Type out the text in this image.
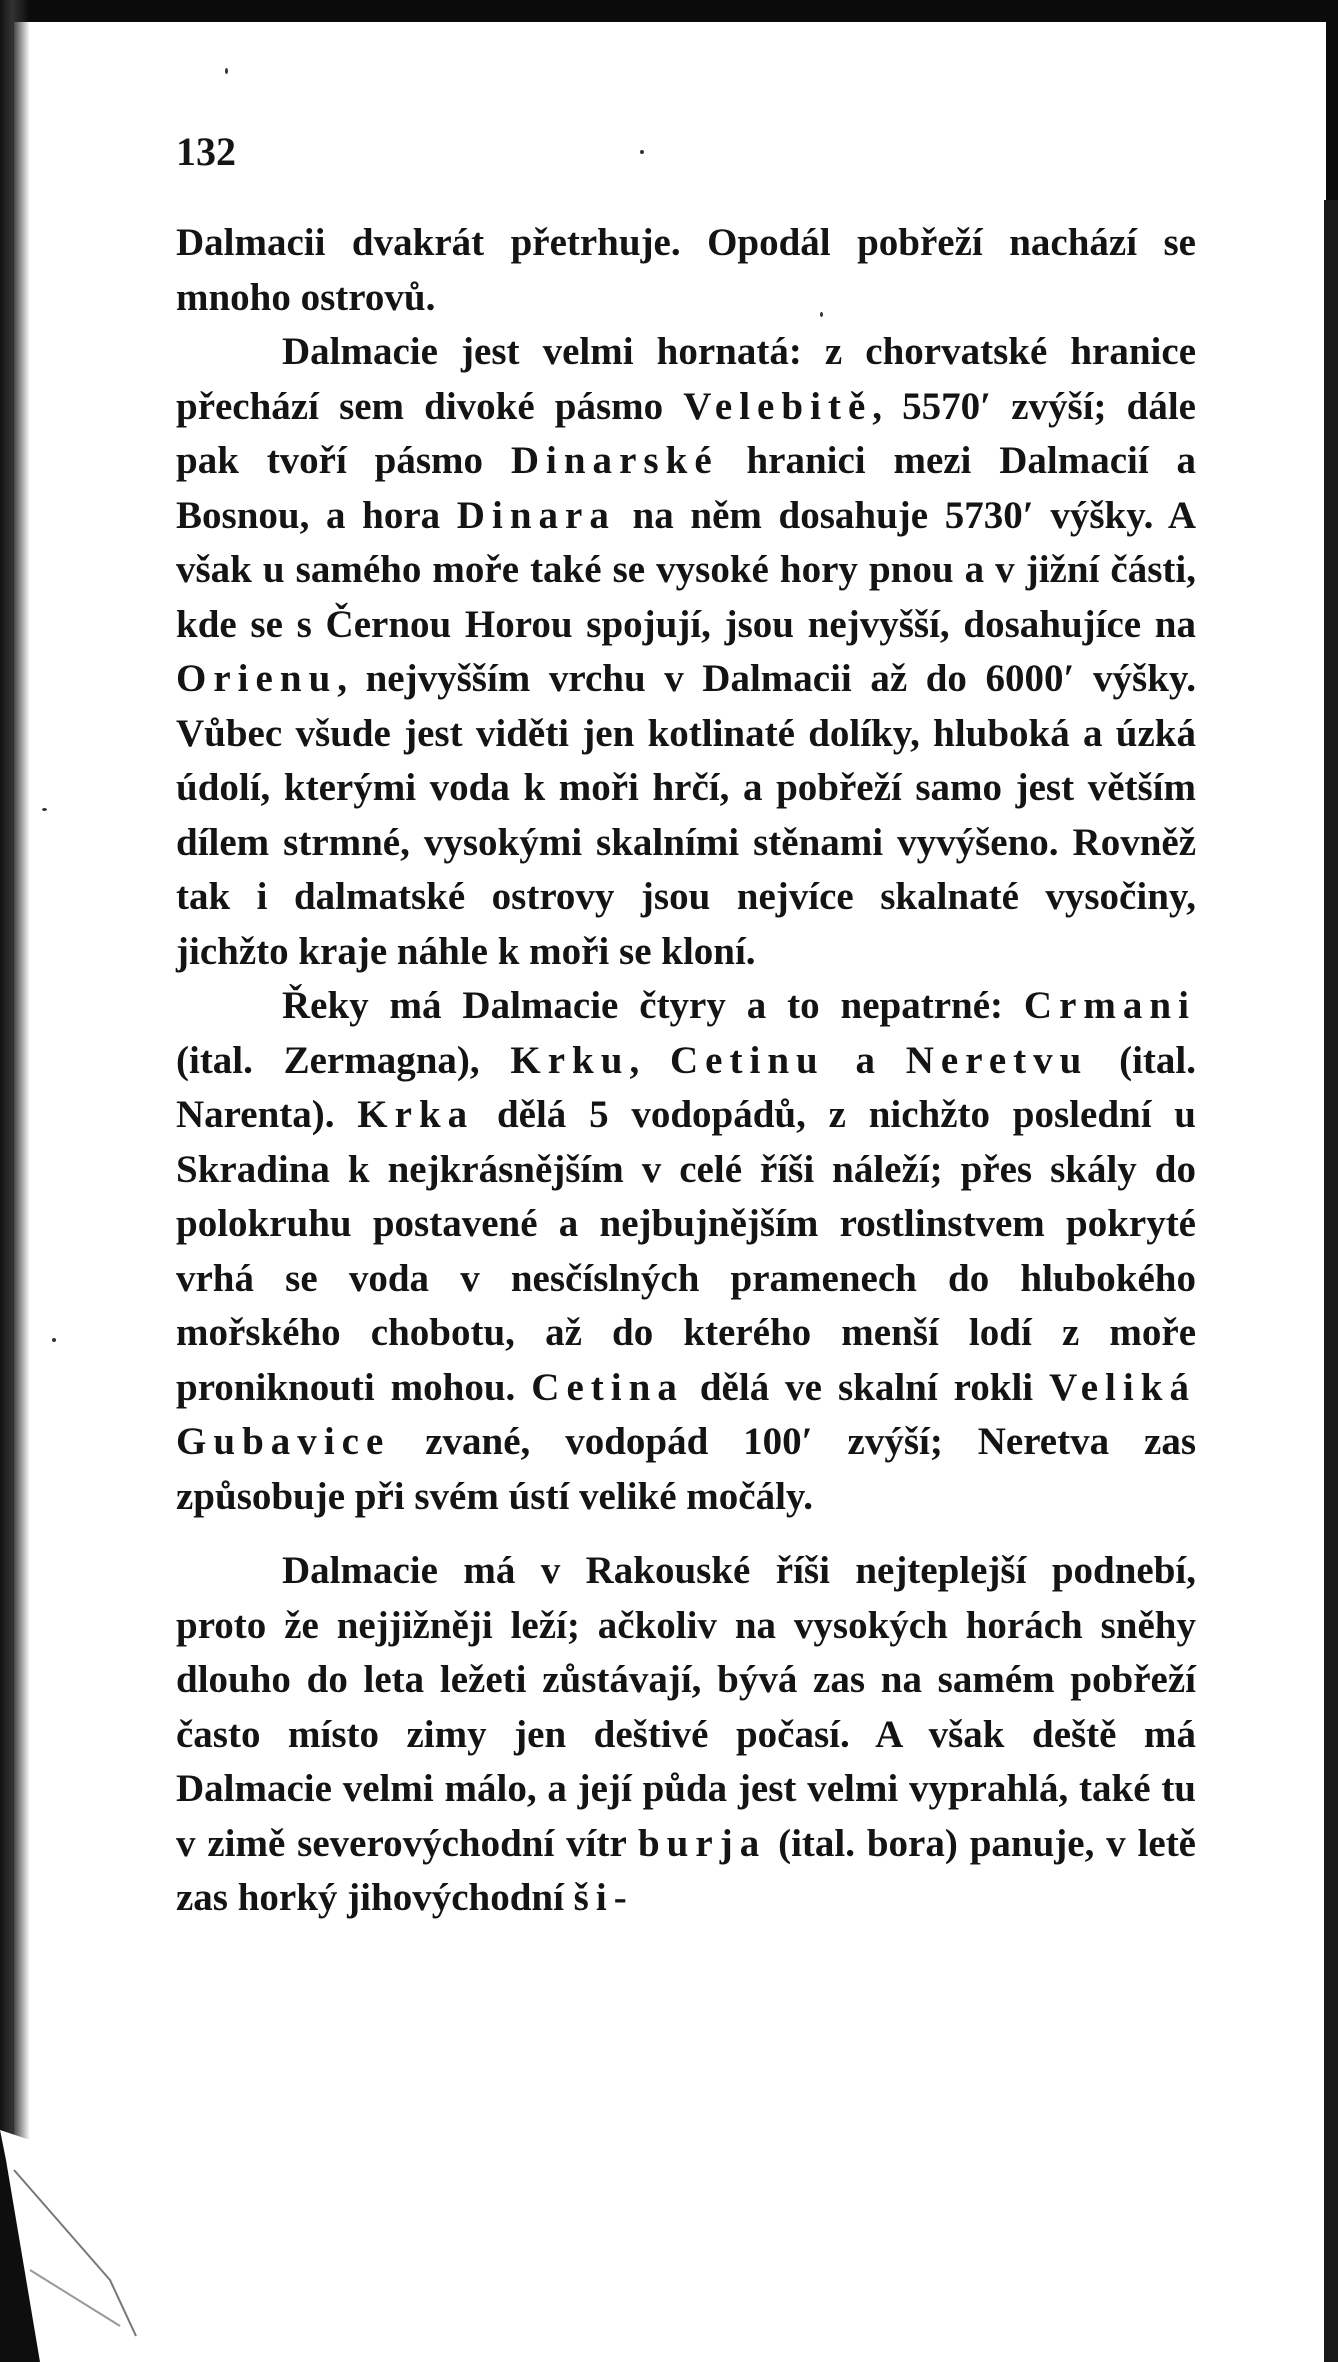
132

Dalmacii dvakrát přetrhuje. Opodál pobřeží nachází se mnoho ostrovů.

Dalmacie jest velmi hornatá: z chorvatské hranice přechází sem divoké pásmo Velebitě, 5570′ zvýší; dále pak tvoří pásmo Dinarské hranici mezi Dalmacií a Bosnou, a hora Dinara na něm dosahuje 5730′ výšky. A však u samého moře také se vysoké hory pnou a v jižní části, kde se s Černou Horou spojují, jsou nejvyšší, dosahujíce na Orienu, nejvyšším vrchu v Dalmacii až do 6000′ výšky. Vůbec všude jest viděti jen kotlinaté dolíky, hluboká a úzká údolí, kterými voda k moři hrčí, a pobřeží samo jest větším dílem strmné, vysokými skalními stěnami vyvýšeno. Rovněž tak i dalmatské ostrovy jsou nejvíce skalnaté vysočiny, jichžto kraje náhle k moři se kloní.

Řeky má Dalmacie čtyry a to nepatrné: Crmani (ital. Zermagna), Krku, Cetinu a Neretvu (ital. Narenta). Krka dělá 5 vodopádů, z nichžto poslední u Skradina k nejkrásnějším v celé říši náleží; přes skály do polokruhu postavené a nejbujnějším rostlinstvem pokryté vrhá se voda v nesčíslných pramenech do hlubokého mořského chobotu, až do kterého menší lodí z moře proniknouti mohou. Cetina dělá ve skalní rokli Veliká Gubavice zvané, vodopád 100′ zvýší; Neretva zas způsobuje při svém ústí veliké močály.

Dalmacie má v Rakouské říši nejteplejší podnebí, proto že nejjižněji leží; ačkoliv na vysokých horách sněhy dlouho do leta ležeti zůstávají, bývá zas na samém pobřeží často místo zimy jen deštivé počasí. A však deště má Dalmacie velmi málo, a její půda jest velmi vyprahlá, také tu v zimě severovýchodní vítr burja (ital. bora) panuje, v letě zas horký jihovýchodní ši-
